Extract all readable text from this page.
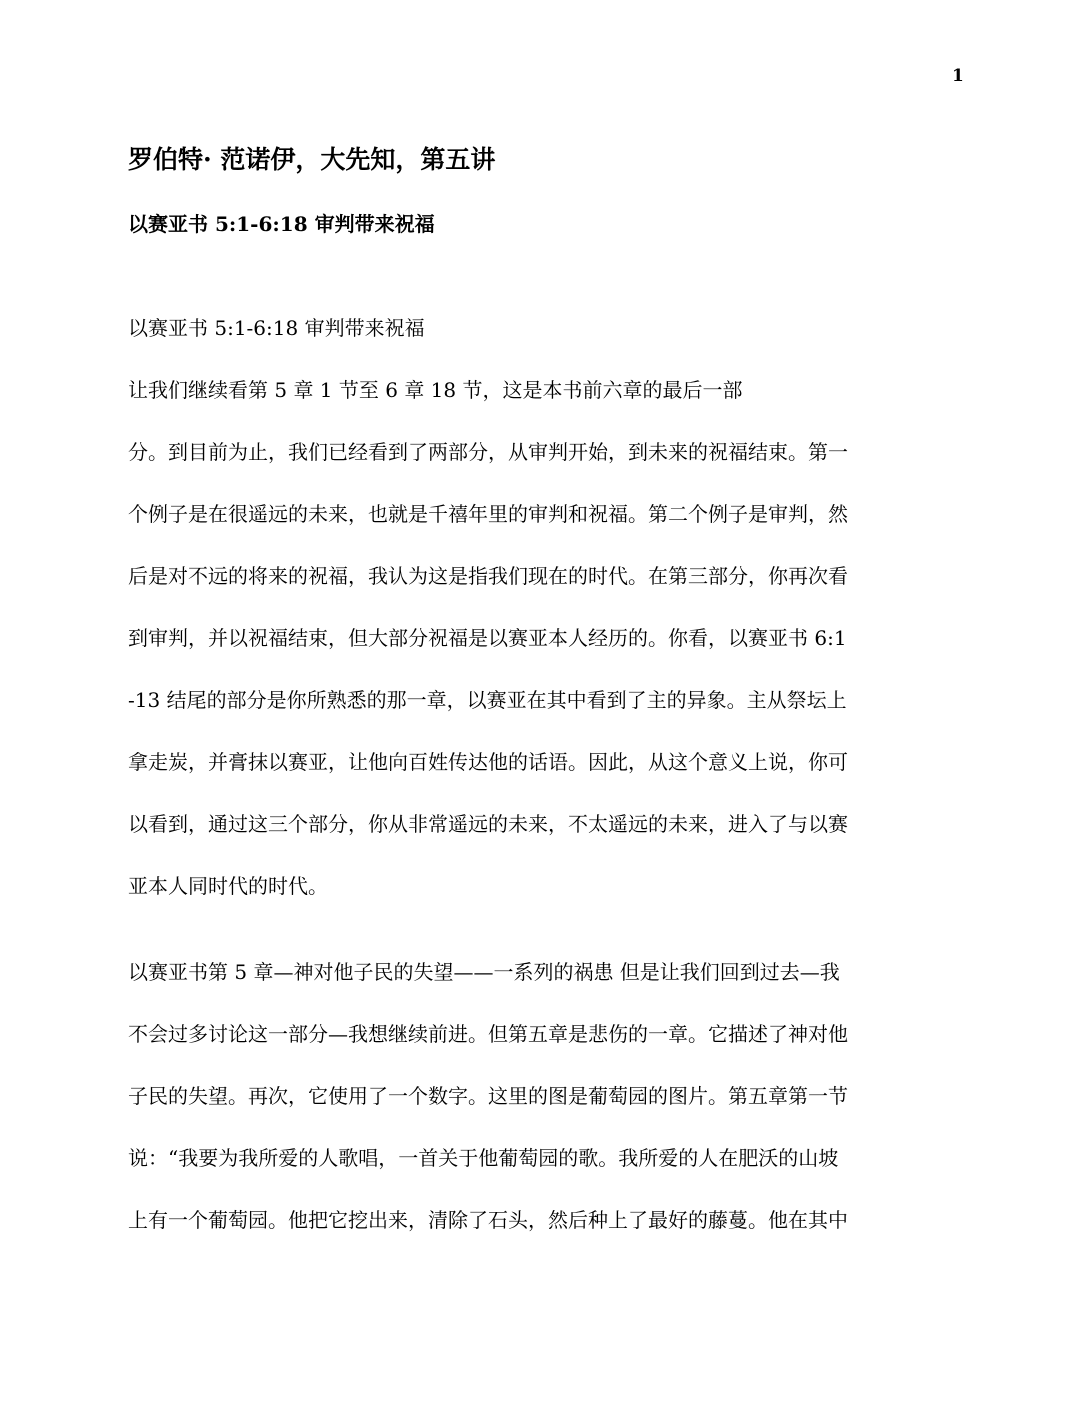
1
罗伯特· 范诺伊，大先知，第五讲
以赛亚书 5:1-6:18 审判带来祝福

以赛亚书 5:1-6:18 审判带来祝福

让我们继续看第 5 章 1 节至 6 章 18 节，这是本书前六章的最后一部

分。到目前为止，我们已经看到了两部分，从审判开始，到未来的祝福结束。第一

个例子是在很遥远的未来，也就是千禧年里的审判和祝福。第二个例子是审判，然

后是对不远的将来的祝福，我认为这是指我们现在的时代。在第三部分，你再次看

到审判，并以祝福结束，但大部分祝福是以赛亚本人经历的。你看，以赛亚书 6:1

-13 结尾的部分是你所熟悉的那一章，以赛亚在其中看到了主的异象。主从祭坛上

拿走炭，并膏抹以赛亚，让他向百姓传达他的话语。因此，从这个意义上说，你可

以看到，通过这三个部分，你从非常遥远的未来，不太遥远的未来，进入了与以赛

亚本人同时代的时代。

以赛亚书第 5 章—神对他子民的失望——一系列的祸患 但是让我们回到过去—我

不会过多讨论这一部分—我想继续前进。但第五章是悲伤的一章。它描述了神对他

子民的失望。再次，它使用了一个数字。这里的图是葡萄园的图片。第五章第一节

说：“我要为我所爱的人歌唱，一首关于他葡萄园的歌。我所爱的人在肥沃的山坡

上有一个葡萄园。他把它挖出来，清除了石头，然后种上了最好的藤蔓。他在其中
